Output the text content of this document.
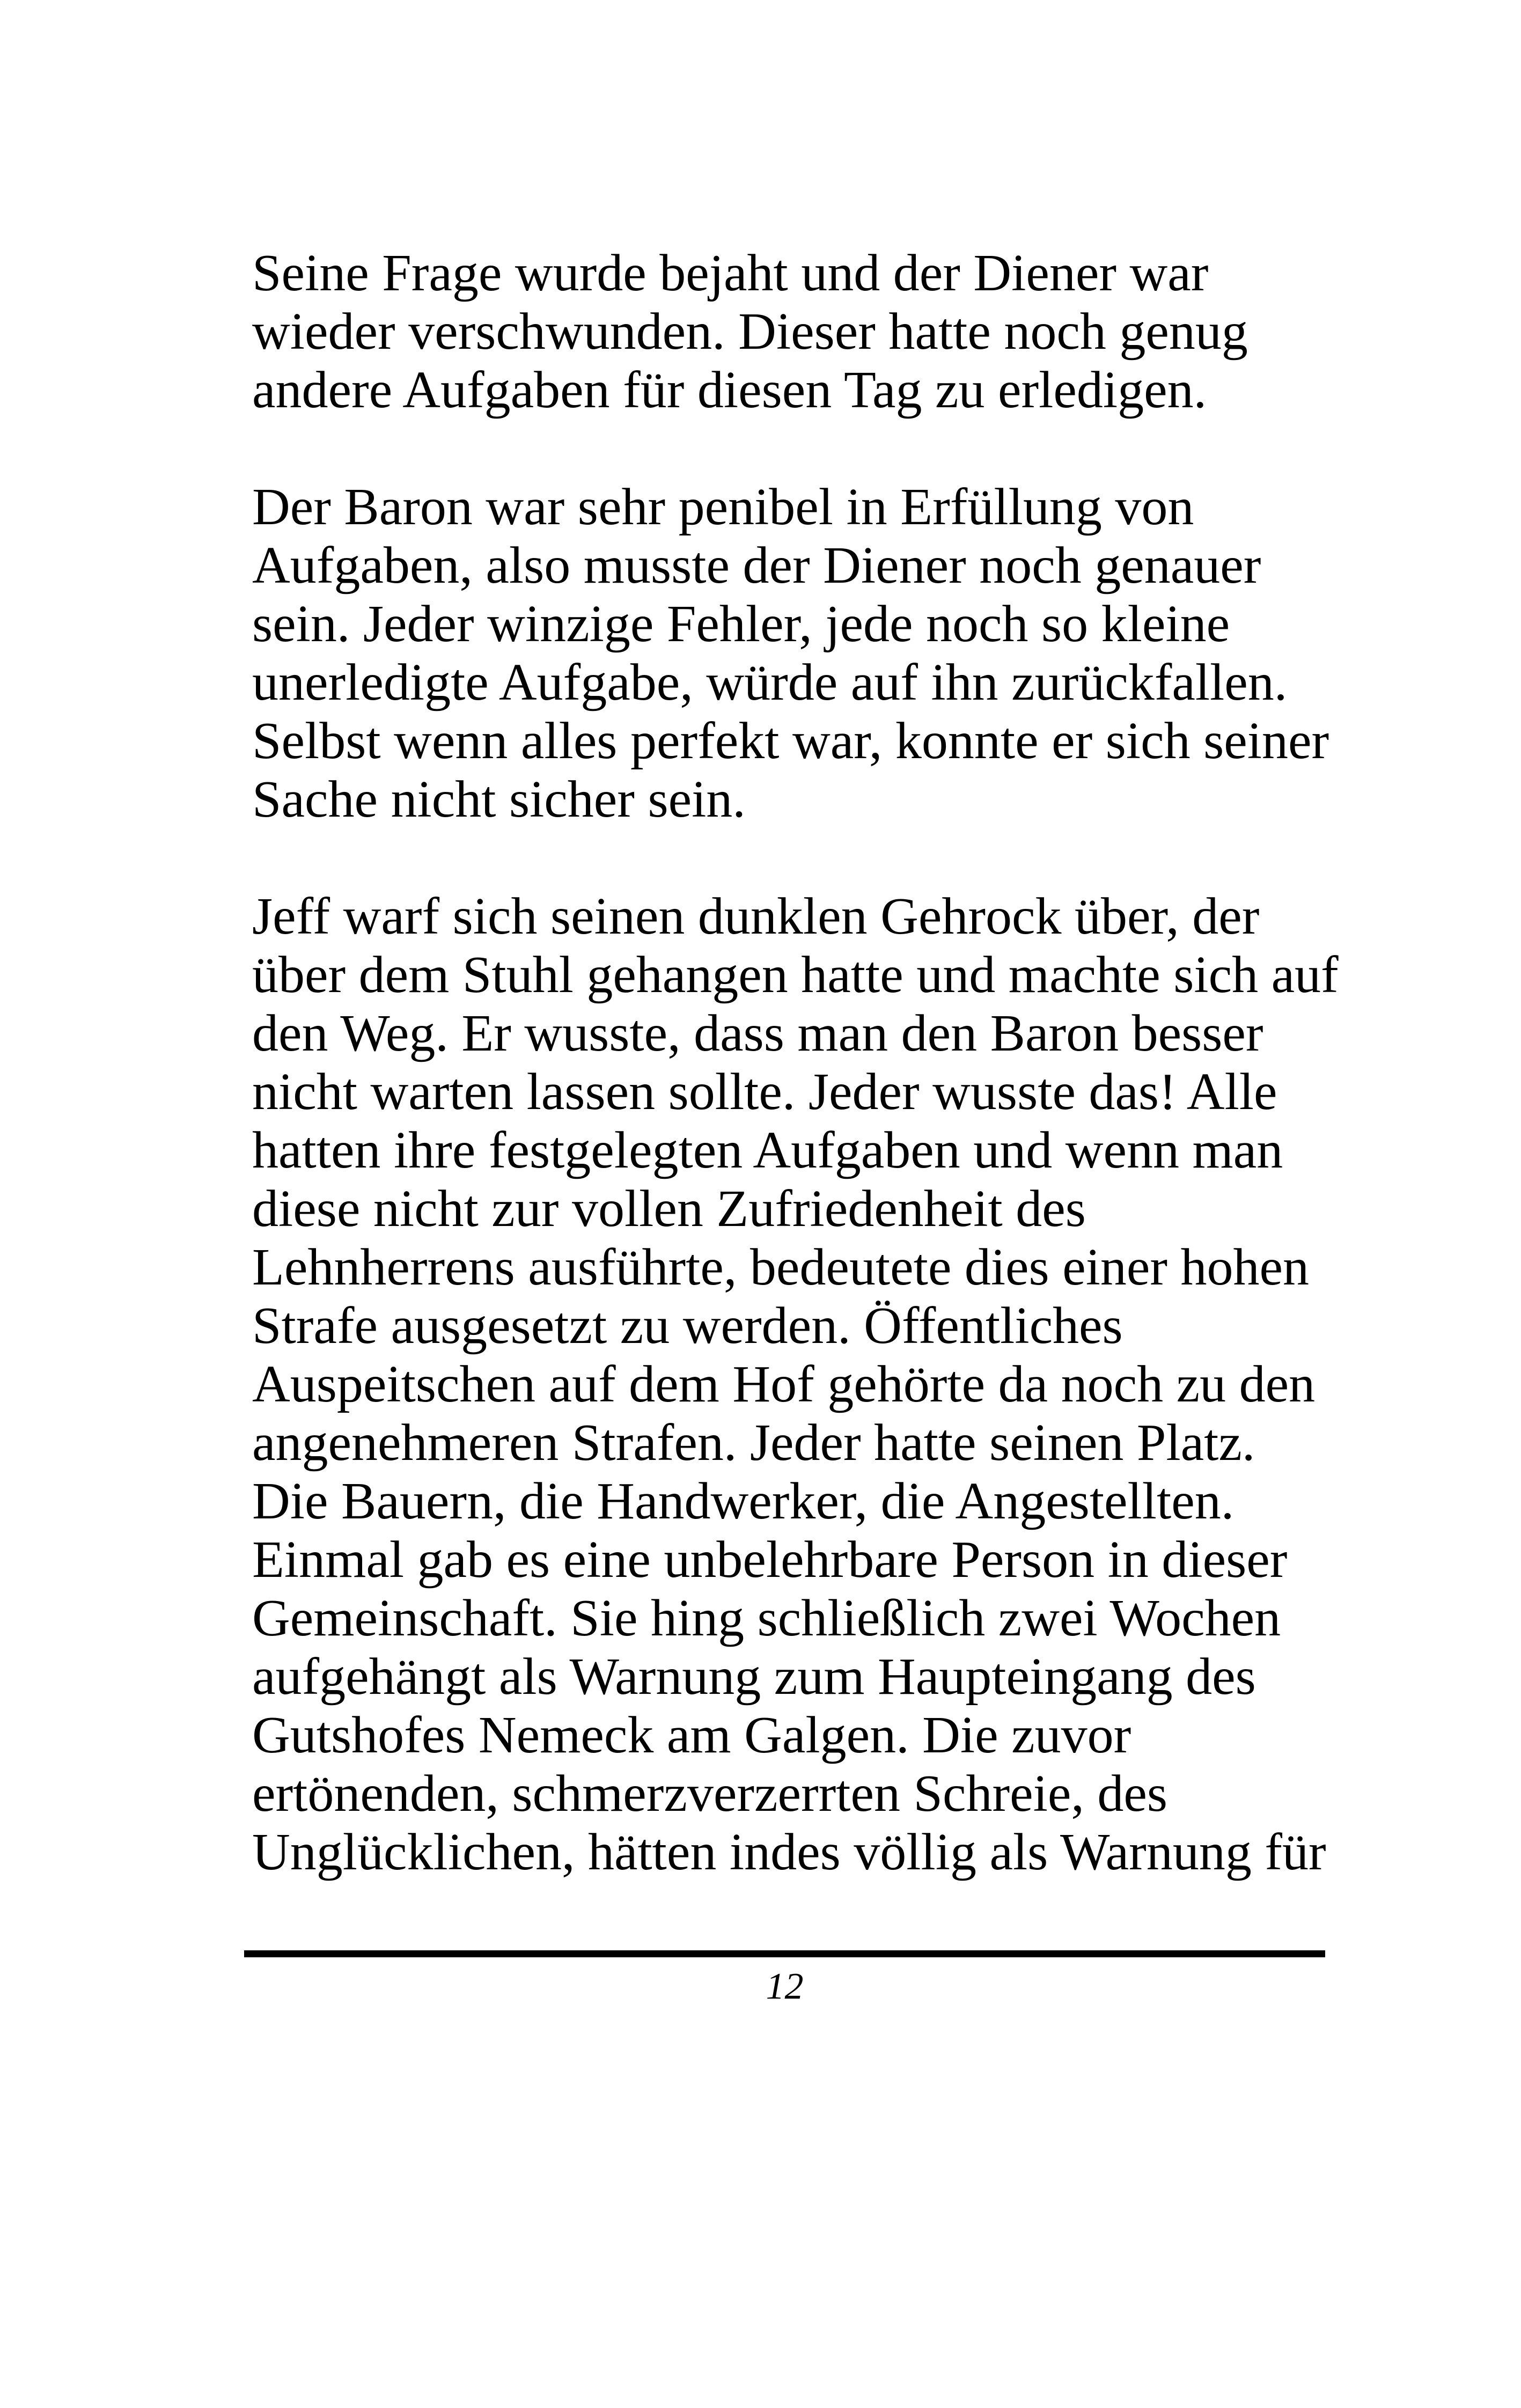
Seine Frage wurde bejaht und der Diener war
wieder verschwunden. Dieser hatte noch genug
andere Aufgaben für diesen Tag zu erledigen.

Der Baron war sehr penibel in Erfüllung von
Aufgaben, also musste der Diener noch genauer
sein. Jeder winzige Fehler, jede noch so kleine
unerledigte Aufgabe, würde auf ihn zurückfallen.
Selbst wenn alles perfekt war, konnte er sich seiner
Sache nicht sicher sein.

Jeff warf sich seinen dunklen Gehrock über, der
über dem Stuhl gehangen hatte und machte sich auf
den Weg. Er wusste, dass man den Baron besser
nicht warten lassen sollte. Jeder wusste das! Alle
hatten ihre festgelegten Aufgaben und wenn man
diese nicht zur vollen Zufriedenheit des
Lehnherrens ausführte, bedeutete dies einer hohen
Strafe ausgesetzt zu werden. Öffentliches
Auspeitschen auf dem Hof gehörte da noch zu den
angenehmeren Strafen. Jeder hatte seinen Platz.
Die Bauern, die Handwerker, die Angestellten.
Einmal gab es eine unbelehrbare Person in dieser
Gemeinschaft. Sie hing schließlich zwei Wochen
aufgehängt als Warnung zum Haupteingang des
Gutshofes Nemeck am Galgen. Die zuvor
ertönenden, schmerzverzerrten Schreie, des
Unglücklichen, hätten indes völlig als Warnung für

12
